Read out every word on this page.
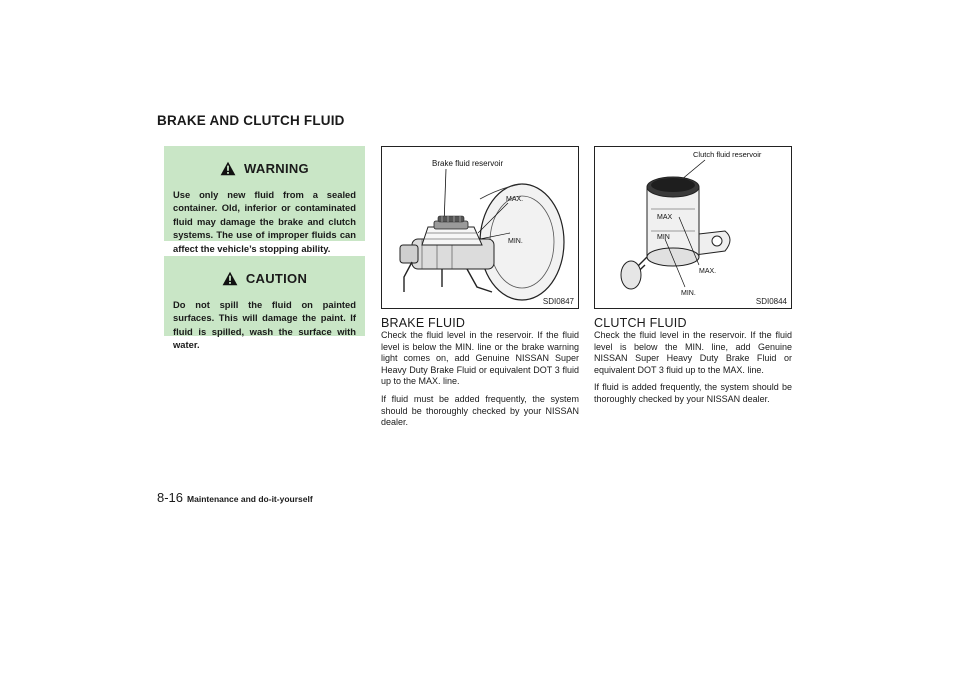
BRAKE AND CLUTCH FLUID
WARNING
Use only new fluid from a sealed container. Old, inferior or contaminated fluid may damage the brake and clutch systems. The use of improper fluids can affect the vehicle’s stopping ability.
CAUTION
Do not spill the fluid on painted surfaces. This will damage the paint. If fluid is spilled, wash the surface with water.
Brake fluid reservoir
MAX.
MIN.
SDI0847
Clutch fluid reservoir
MAX
MIN
MAX.
MIN.
SDI0844
BRAKE FLUID

Check the fluid level in the reservoir. If the fluid level is below the MIN. line or the brake warning light comes on, add Genuine NISSAN Super Heavy Duty Brake Fluid or equivalent DOT 3 fluid up to the MAX. line.

If fluid must be added frequently, the system should be thoroughly checked by your NISSAN dealer.

CLUTCH FLUID

Check the fluid level in the reservoir. If the fluid level is below the MIN. line, add Genuine NISSAN Super Heavy Duty Brake Fluid or equivalent DOT 3 fluid up to the MAX. line.

If fluid is added frequently, the system should be thoroughly checked by your NISSAN dealer.

8-16 Maintenance and do-it-yourself
